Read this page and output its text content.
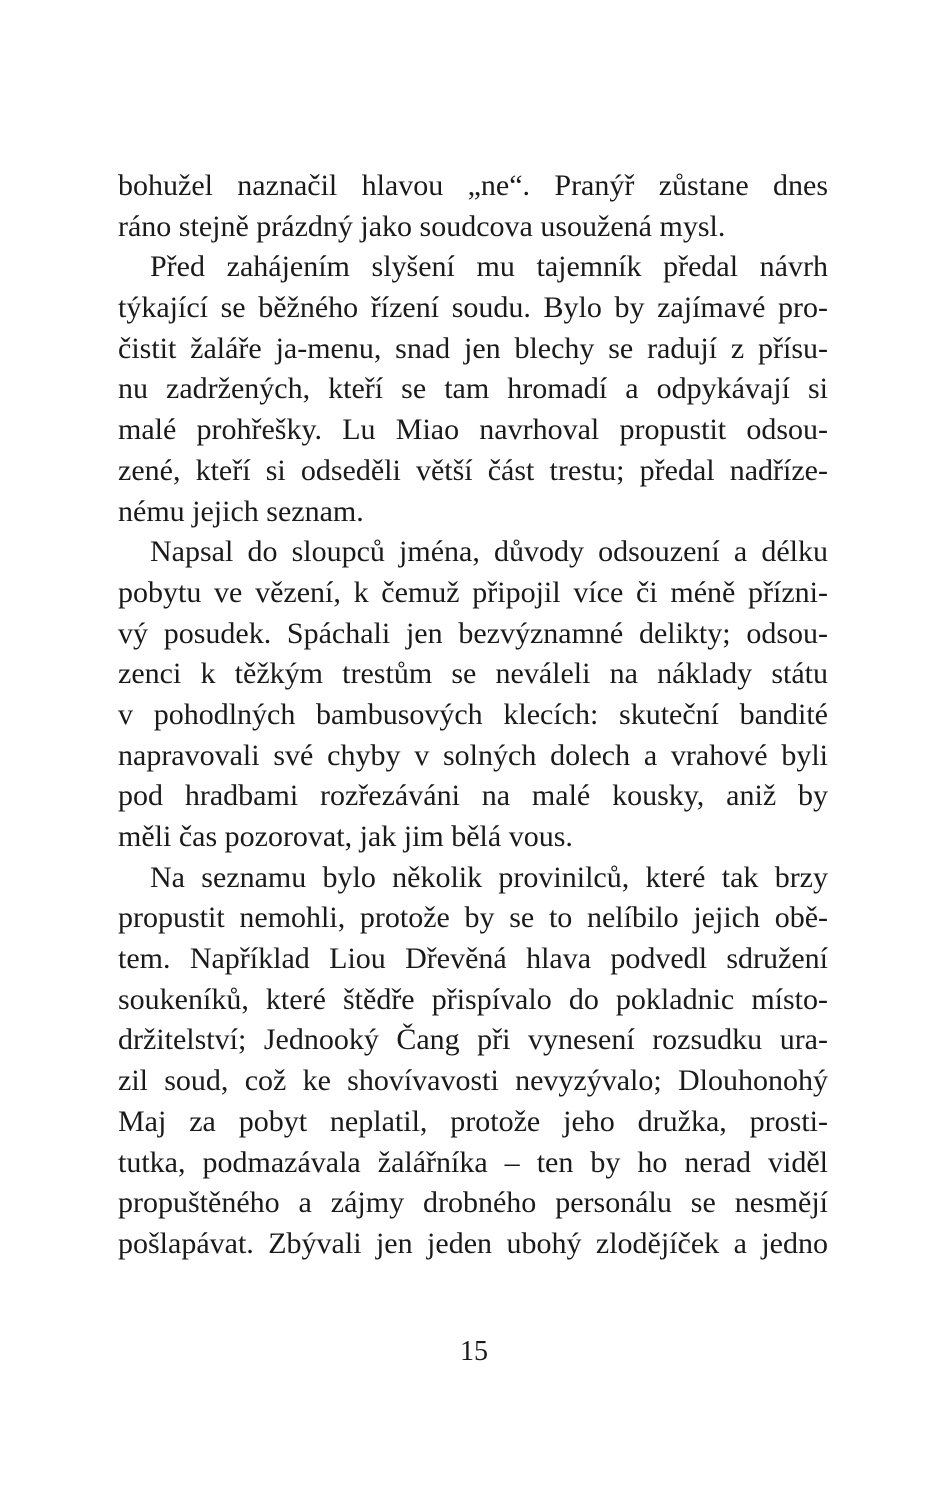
bohužel naznačil hlavou „ne“. Pranýř zůstane dnes
ráno stejně prázdný jako soudcova usoužená mysl.
Před zahájením slyšení mu tajemník předal návrh
týkající se běžného řízení soudu. Bylo by zajímavé pro-
čistit žaláře ja-menu, snad jen blechy se radují z přísu-
nu zadržených, kteří se tam hromadí a odpykávají si
malé prohřešky. Lu Miao navrhoval propustit odsou-
zené, kteří si odseděli větší část trestu; předal nadříze-
nému jejich seznam.
Napsal do sloupců jména, důvody odsouzení a délku
pobytu ve vězení, k čemuž připojil více či méně přízni-
vý posudek. Spáchali jen bezvýznamné delikty; odsou-
zenci k těžkým trestům se neváleli na náklady státu
v pohodlných bambusových klecích: skuteční bandité
napravovali své chyby v solných dolech a vrahové byli
pod hradbami rozřezáváni na malé kousky, aniž by
měli čas pozorovat, jak jim bělá vous.
Na seznamu bylo několik provinilců, které tak brzy
propustit nemohli, protože by se to nelíbilo jejich obě-
tem. Například Liou Dřevěná hlava podvedl sdružení
soukeníků, které štědře přispívalo do pokladnic místo-
držitelství; Jednooký Čang při vynesení rozsudku ura-
zil soud, což ke shovívavosti nevyzývalo; Dlouhonohý
Maj za pobyt neplatil, protože jeho družka, prosti-
tutka, podmazávala žalářníka – ten by ho nerad viděl
propuštěného a zájmy drobného personálu se nesmějí
pošlapávat. Zbývali jen jeden ubohý zlodějíček a jedno
15
